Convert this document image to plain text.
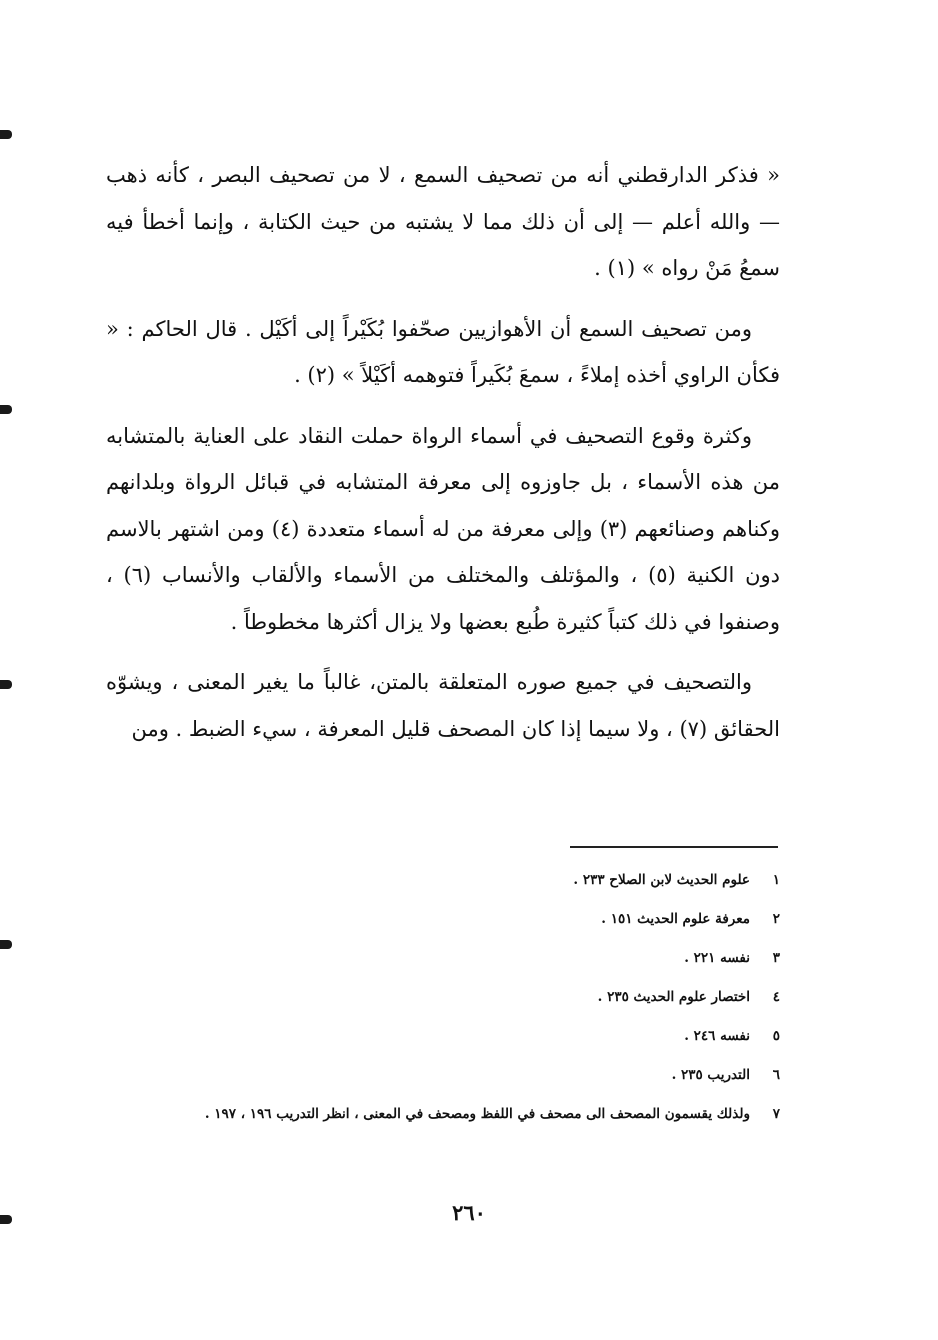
« فذكر الدارقطني أنه من تصحيف السمع ، لا من تصحيف البصر ، كأنه ذهب — والله أعلم — إلى أن ذلك مما لا يشتبه من حيث الكتابة ، وإنما أخطأ فيه سمعُ مَنْ رواه » (١) .

ومن تصحيف السمع أن الأهوازيين صحّفوا بُكَيْراً إلى أكَيْل . قال الحاكم : « فكأن الراوي أخذه إملاءً ، سمعَ بُكَيراً فتوهمه أكَيْلاً » (٢) .

وكثرة وقوع التصحيف في أسماء الرواة حملت النقاد على العناية بالمتشابه من هذه الأسماء ، بل جاوزوه إلى معرفة المتشابه في قبائل الرواة وبلدانهم وكناهم وصنائعهم (٣) وإلى معرفة من له أسماء متعددة (٤) ومن اشتهر بالاسم دون الكنية (٥) ، والمؤتلف والمختلف من الأسماء والألقاب والأنساب (٦) ، وصنفوا في ذلك كتباً كثيرة طُبع بعضها ولا يزال أكثرها مخطوطاً .

والتصحيف في جميع صوره المتعلقة بالمتن، غالباً ما يغير المعنى ، ويشوّه الحقائق (٧) ، ولا سيما إذا كان المصحف قليل المعرفة ، سيء الضبط . ومن

١
علوم الحديث لابن الصلاح ٢٣٣ .
٢
معرفة علوم الحديث ١٥١ .
٣
نفسه ٢٢١ .
٤
اختصار علوم الحديث ٢٣٥ .
٥
نفسه ٢٤٦ .
٦
التدريب ٢٣٥ .
٧
ولذلك يقسمون المصحف الى مصحف في اللفظ ومصحف في المعنى ، انظر التدريب ١٩٦ ، ١٩٧ .
٢٦٠
